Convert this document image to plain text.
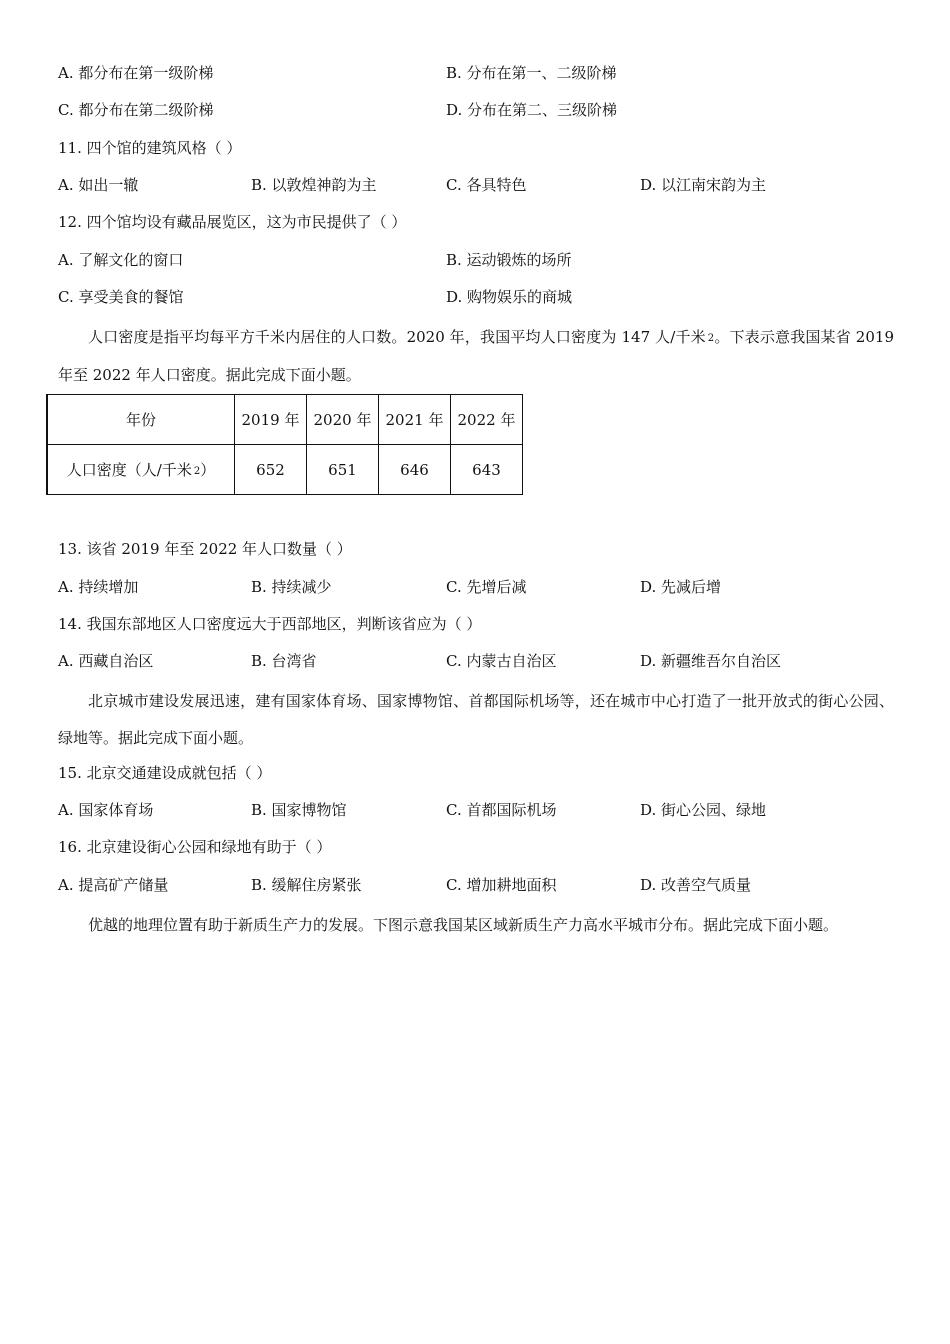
A. 都分布在第一级阶梯	B. 分布在第一、二级阶梯
C. 都分布在第二级阶梯	D. 分布在第二、三级阶梯
11. 四个馆的建筑风格（ ）
A. 如出一辙	B. 以敦煌神韵为主	C. 各具特色	D. 以江南宋韵为主
12. 四个馆均设有藏品展览区，这为市民提供了（ ）
A. 了解文化的窗口	B. 运动锻炼的场所
C. 享受美食的餐馆	D. 购物娱乐的商城
人口密度是指平均每平方千米内居住的人口数。2020 年，我国平均人口密度为 147 人/千米 $^2$。下表示意我国某省 2019 年至 2022 年人口密度。据此完成下面小题。
年份	2019 年	2020 年	2021 年	2022 年
人口密度（人/千米 $^2$）	652	651	646	643
13. 该省 2019 年至 2022 年人口数量（ ）
A. 持续增加	B. 持续减少	C. 先增后减	D. 先减后增
14. 我国东部地区人口密度远大于西部地区，判断该省应为（ ）
A. 西藏自治区	B. 台湾省	C. 内蒙古自治区	D. 新疆维吾尔自治区
北京城市建设发展迅速，建有国家体育场、国家博物馆、首都国际机场等，还在城市中心打造了一批开放式的街心公园、绿地等。据此完成下面小题。
15. 北京交通建设成就包括（ ）
A. 国家体育场	B. 国家博物馆	C. 首都国际机场	D. 街心公园、绿地
16. 北京建设街心公园和绿地有助于（ ）
A. 提高矿产储量	B. 缓解住房紧张	C. 增加耕地面积	D. 改善空气质量
优越的地理位置有助于新质生产力的发展。下图示意我国某区域新质生产力高水平城市分布。据此完成下面小题。
